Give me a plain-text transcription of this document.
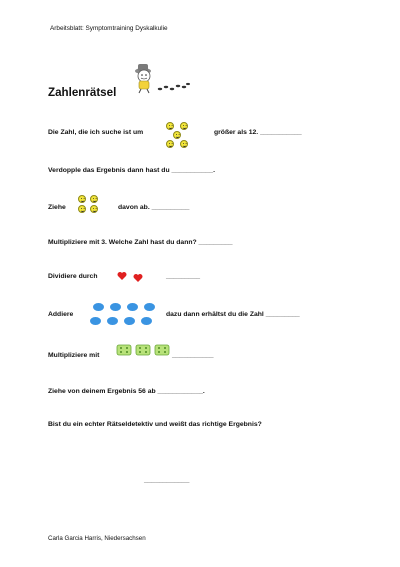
Arbeitsblatt: Symptomtraining Dyskalkulie
Zahlenrätsel
Die Zahl, die ich suche ist um	größer als 12. ___________
Verdopple das Ergebnis dann hast du ___________.
Ziehe	davon ab. __________
Multipliziere mit 3. Welche Zahl hast du dann? _________
Dividiere durch	_________
Addiere	dazu dann erhältst du die Zahl _________
Multipliziere mit	___________
Ziehe von deinem Ergebnis 56 ab ____________.
Bist du ein echter Rätseldetektiv und weißt das richtige Ergebnis?
____________
Carla Garcia Harris, Niedersachsen
